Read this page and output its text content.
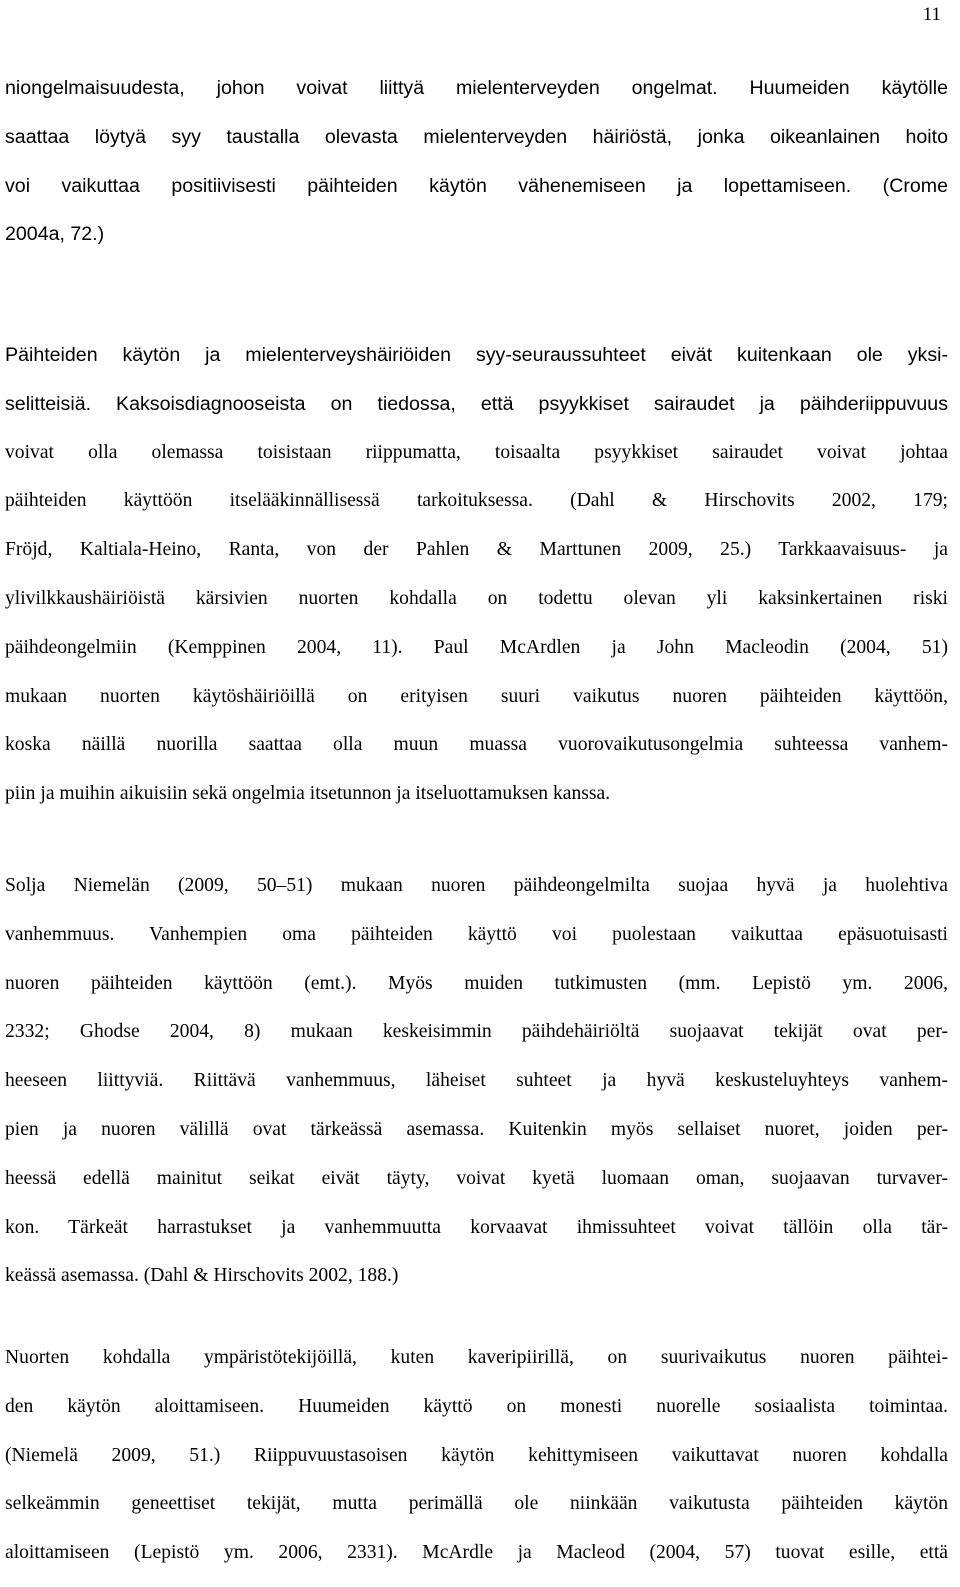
11
niongelmaisuudesta, johon voivat liittyä mielenterveyden ongelmat. Huumeiden käytölle
saattaa löytyä syy taustalla olevasta mielenterveyden häiriöstä, jonka oikeanlainen hoito
voi vaikuttaa positiivisesti päihteiden käytön vähenemiseen ja lopettamiseen. (Crome
2004a, 72.)
Päihteiden käytön ja mielenterveyshäiriöiden syy-seuraussuhteet eivät kuitenkaan ole yksi-
selitteisiä. Kaksoisdiagnooseista on tiedossa, että psyykkiset sairaudet ja päihderiippuvuus
voivat olla olemassa toisistaan riippumatta, toisaalta psyykkiset sairaudet voivat johtaa
päihteiden käyttöön itselääkinnällisessä tarkoituksessa. (Dahl & Hirschovits 2002, 179;
Fröjd, Kaltiala-Heino, Ranta, von der Pahlen & Marttunen 2009, 25.) Tarkkaavaisuus- ja
ylivilkkaushäiriöistä kärsivien nuorten kohdalla on todettu olevan yli kaksinkertainen riski
päihdeongelmiin (Kemppinen 2004, 11). Paul McArdlen ja John Macleodin (2004, 51)
mukaan nuorten käytöshäiriöillä on erityisen suuri vaikutus nuoren päihteiden käyttöön,
koska näillä nuorilla saattaa olla muun muassa vuorovaikutusongelmia suhteessa vanhem-
piin ja muihin aikuisiin sekä ongelmia itsetunnon ja itseluottamuksen kanssa.
Solja Niemelän (2009, 50–51) mukaan nuoren päihdeongelmilta suojaa hyvä ja huolehtiva
vanhemmuus. Vanhempien oma päihteiden käyttö voi puolestaan vaikuttaa epäsuotuisasti
nuoren päihteiden käyttöön (emt.). Myös muiden tutkimusten (mm. Lepistö ym. 2006,
2332; Ghodse 2004, 8) mukaan keskeisimmin päihdehäiriöltä suojaavat tekijät ovat per-
heeseen liittyviä. Riittävä vanhemmuus, läheiset suhteet ja hyvä keskusteluyhteys vanhem-
pien ja nuoren välillä ovat tärkeässä asemassa. Kuitenkin myös sellaiset nuoret, joiden per-
heessä edellä mainitut seikat eivät täyty, voivat kyetä luomaan oman, suojaavan turvaver-
kon. Tärkeät harrastukset ja vanhemmuutta korvaavat ihmissuhteet voivat tällöin olla tär-
keässä asemassa. (Dahl & Hirschovits 2002, 188.)
Nuorten kohdalla ympäristötekijöillä, kuten kaveripiirillä, on suurivaikutus nuoren päihtei-
den käytön aloittamiseen. Huumeiden käyttö on monesti nuorelle sosiaalista toimintaa.
(Niemelä 2009, 51.) Riippuvuustasoisen käytön kehittymiseen vaikuttavat nuoren kohdalla
selkeämmin geneettiset tekijät, mutta perimällä ole niinkään vaikutusta päihteiden käytön
aloittamiseen (Lepistö ym. 2006, 2331). McArdle ja Macleod (2004, 57) tuovat esille, että
